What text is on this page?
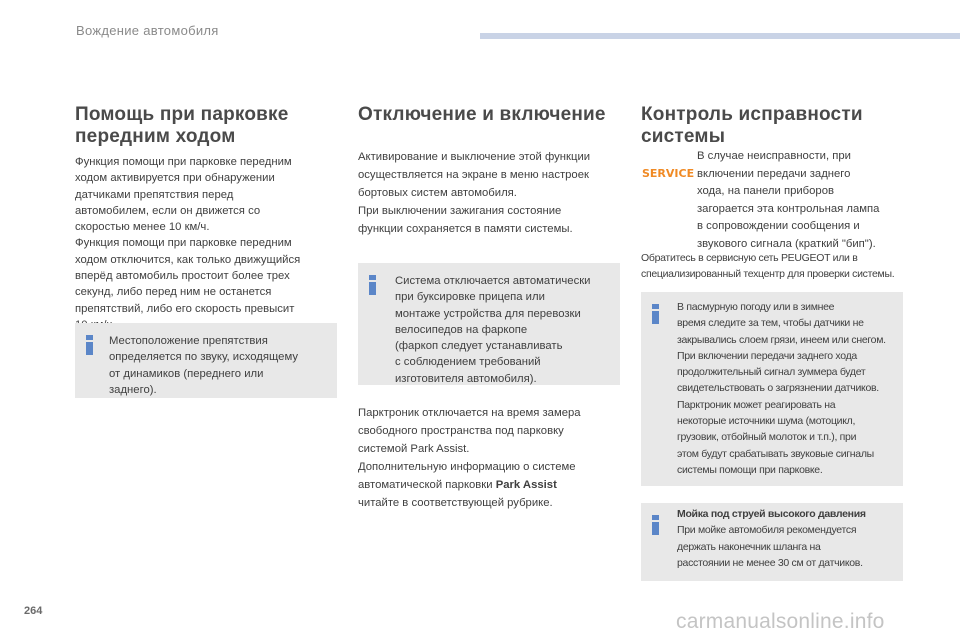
Вождение автомобиля
Помощь при парковке
передним ходом
Функция помощи при парковке передним
ходом активируется при обнаружении
датчиками препятствия перед
автомобилем, если он движется со
скоростью менее 10 км/ч.
Функция помощи при парковке передним
ходом отключится, как только движущийся
вперёд автомобиль простоит более трех
секунд, либо перед ним не останется
препятствий, либо его скорость превысит
Местоположение препятствия
определяется по звуку, исходящему
от динамиков (переднего или
заднего).
Отключение и включение
Активирование и выключение этой функции
осуществляется на экране в меню настроек
бортовых систем автомобиля.
При выключении зажигания состояние
функции сохраняется в памяти системы.
Система отключается автоматически
при буксировке прицепа или
монтаже устройства для перевозки
велосипедов на фаркопе
(фаркоп следует устанавливать
с соблюдением требований
изготовителя автомобиля).
Парктроник отключается на время замера
свободного пространства под парковку
системой Park Assist.
Дополнительную информацию о системе
автоматической парковки Park Assist
читайте в соответствующей рубрике.
Контроль исправности
системы
SERVICE
В случае неисправности, при
включении передачи заднего
хода, на панели приборов
загорается эта контрольная лампа
в сопровождении сообщения и
звукового сигнала (краткий "бип").
Обратитесь в сервисную сеть PEUGEOT или в
специализированный техцентр для проверки системы.
В пасмурную погоду или в зимнее
время следите за тем, чтобы датчики не
закрывались слоем грязи, инеем или снегом.
При включении передачи заднего хода
продолжительный сигнал зуммера будет
свидетельствовать о загрязнении датчиков.
Парктроник может реагировать на
некоторые источники шума (мотоцикл,
грузовик, отбойный молоток и т.п.), при
этом будут срабатывать звуковые сигналы
системы помощи при парковке.
Мойка под струей высокого давления
При мойке автомобиля рекомендуется
держать наконечник шланга на
расстоянии не менее 30 см от датчиков.
264	carmanualsonline.info
